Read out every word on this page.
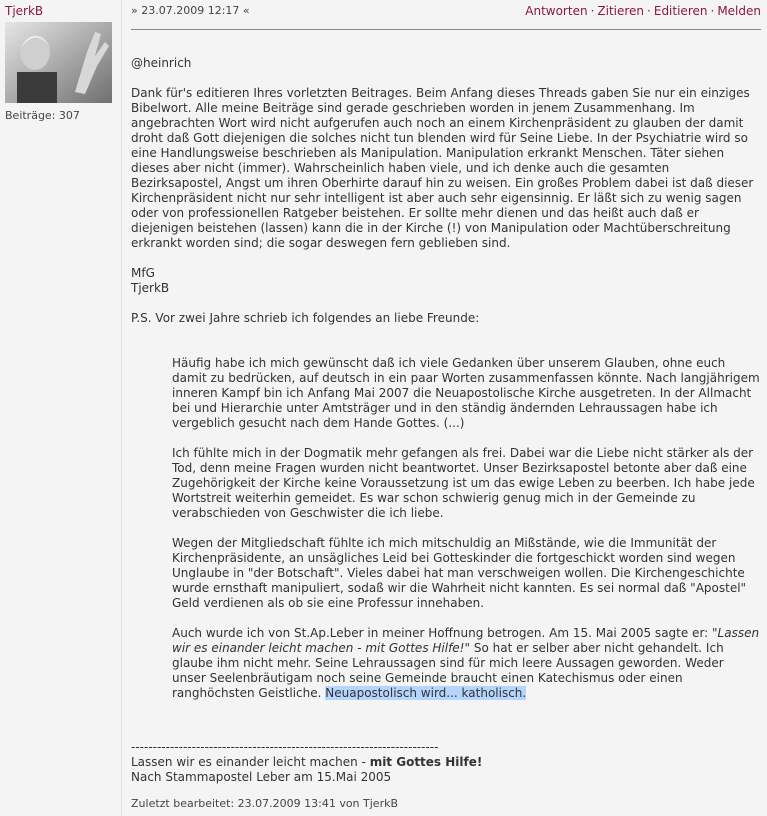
TjerkB
Beiträge: 307
» 23.07.2009 12:17 «	Antworten · Zitieren · Editieren · Melden

@heinrich

Dank für's editieren Ihres vorletzten Beitrages. Beim Anfang dieses Threads gaben Sie nur ein einziges Bibelwort. Alle meine Beiträge sind gerade geschrieben worden in jenem Zusammenhang. Im angebrachten Wort wird nicht aufgerufen auch noch an einem Kirchenpräsident zu glauben der damit droht daß Gott diejenigen die solches nicht tun blenden wird für Seine Liebe. In der Psychiatrie wird so eine Handlungsweise beschrieben als Manipulation. Manipulation erkrankt Menschen. Täter siehen dieses aber nicht (immer). Wahrscheinlich haben viele, und ich denke auch die gesamten Bezirksapostel, Angst um ihren Oberhirte darauf hin zu weisen. Ein großes Problem dabei ist daß dieser Kirchenpräsident nicht nur sehr intelligent ist aber auch sehr eigensinnig. Er läßt sich zu wenig sagen oder von professionellen Ratgeber beistehen. Er sollte mehr dienen und das heißt auch daß er diejenigen beistehen (lassen) kann die in der Kirche (!) von Manipulation oder Machtüberschreitung erkrankt worden sind; die sogar deswegen fern geblieben sind.

MfG
TjerkB

P.S. Vor zwei Jahre schrieb ich folgendes an liebe Freunde:

Häufig habe ich mich gewünscht daß ich viele Gedanken über unserem Glauben, ohne euch damit zu bedrücken, auf deutsch in ein paar Worten zusammenfassen könnte. Nach langjährigem inneren Kampf bin ich Anfang Mai 2007 die Neuapostolische Kirche ausgetreten. In der Allmacht bei und Hierarchie unter Amtsträger und in den ständig ändernden Lehraussagen habe ich vergeblich gesucht nach dem Hande Gottes. (...)

Ich fühlte mich in der Dogmatik mehr gefangen als frei. Dabei war die Liebe nicht stärker als der Tod, denn meine Fragen wurden nicht beantwortet. Unser Bezirksapostel betonte aber daß eine Zugehörigkeit der Kirche keine Voraussetzung ist um das ewige Leben zu beerben. Ich habe jede Wortstreit weiterhin gemeidet. Es war schon schwierig genug mich in der Gemeinde zu verabschieden von Geschwister die ich liebe.

Wegen der Mitgliedschaft fühlte ich mich mitschuldig an Mißstände, wie die Immunität der Kirchenpräsidente, an unsägliches Leid bei Gotteskinder die fortgeschickt worden sind wegen Unglaube in "der Botschaft". Vieles dabei hat man verschweigen wollen. Die Kirchengeschichte wurde ernsthaft manipuliert, sodaß wir die Wahrheit nicht kannten. Es sei normal daß "Apostel" Geld verdienen als ob sie eine Professur innehaben.

Auch wurde ich von St.Ap.Leber in meiner Hoffnung betrogen. Am 15. Mai 2005 sagte er: "Lassen wir es einander leicht machen - mit Gottes Hilfe!" So hat er selber aber nicht gehandelt. Ich glaube ihm nicht mehr. Seine Lehraussagen sind für mich leere Aussagen geworden. Weder unser Seelenbräutigam noch seine Gemeinde braucht einen Katechismus oder einen ranghöchsten Geistliche. Neuapostolisch wird... katholisch.

-----------------------------------------------------------------------
Lassen wir es einander leicht machen - mit Gottes Hilfe!
Nach Stammapostel Leber am 15.Mai 2005
Zuletzt bearbeitet: 23.07.2009 13:41 von TjerkB
